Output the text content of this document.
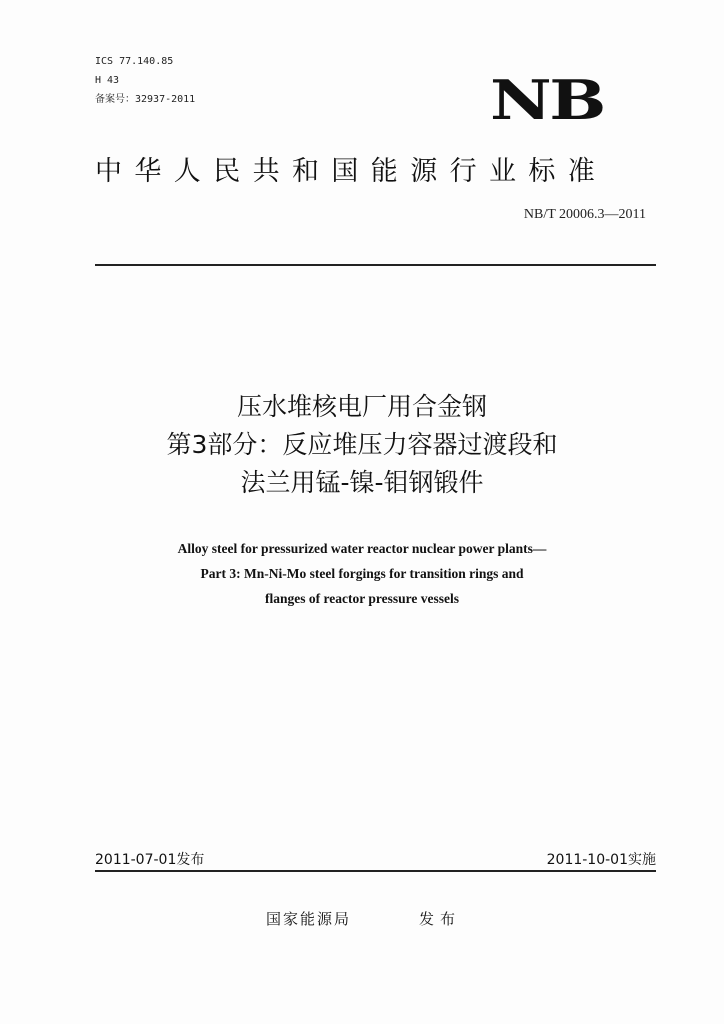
ICS 77.140.85
H 43
备案号：32937-2011	NB
中华人民共和国能源行业标准
NB/T 20006.3—2011
压水堆核电厂用合金钢
第3部分：反应堆压力容器过渡段和
法兰用锰-镍-钼钢锻件
Alloy steel for pressurized water reactor nuclear power plants—
Part 3: Mn-Ni-Mo steel forgings for transition rings and
flanges of reactor pressure vessels
2011-07-01发布	2011-10-01实施
国家能源局	发布
